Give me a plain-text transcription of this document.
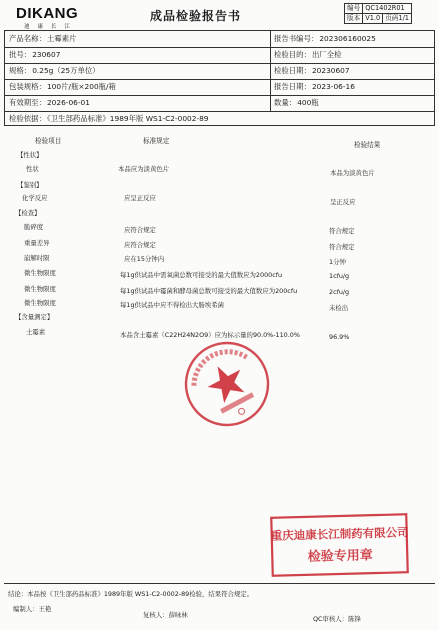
DIKANG
迪康长江
成品检验报告书
编号	QC1402R01	
版本	V1.0	页码1/1
产品名称：土霉素片	报告书编号：202306160025
批号：230607	检验目的：出厂全检
规格：0.25g（25万单位）	检验日期：20230607
包装规格：100片/瓶×200瓶/箱	报告日期：2023-06-16
有效期至：2026-06-01	数量：400瓶
检验依据：《卫生部药品标准》1989年版 WS1-C2-0002-89
检验项目	标准规定	检验结果
【性状】
【鉴别】
【检查】
【含量测定】
性状	本品应为淡黄色片	本品为淡黄色片
化学反应	应呈正反应	呈正反应
脆碎度	应符合规定	符合规定
重量差异	应符合规定	符合规定
崩解时限	应在15分钟内	1分钟
微生物限度	每1g供试品中需氧菌总数可接受的最大值数应为2000cfu	1cfu/g
微生物限度	每1g供试品中霉菌和酵母菌总数可接受的最大值数应为200cfu	2cfu/g
微生物限度	每1g供试品中应不得检出大肠埃希菌	未检出
土霉素	本品含土霉素（C22H24N2O9）应为标示量的90.0%-110.0%	96.9%
重庆迪康长江制药有限公司
检验专用章
结论：本品按《卫生部药品标准》1989年版 WS1-C2-0002-89检验，结果符合规定。
编制人：王艳
复核人：薛咏林	QC审核人：陈锋
